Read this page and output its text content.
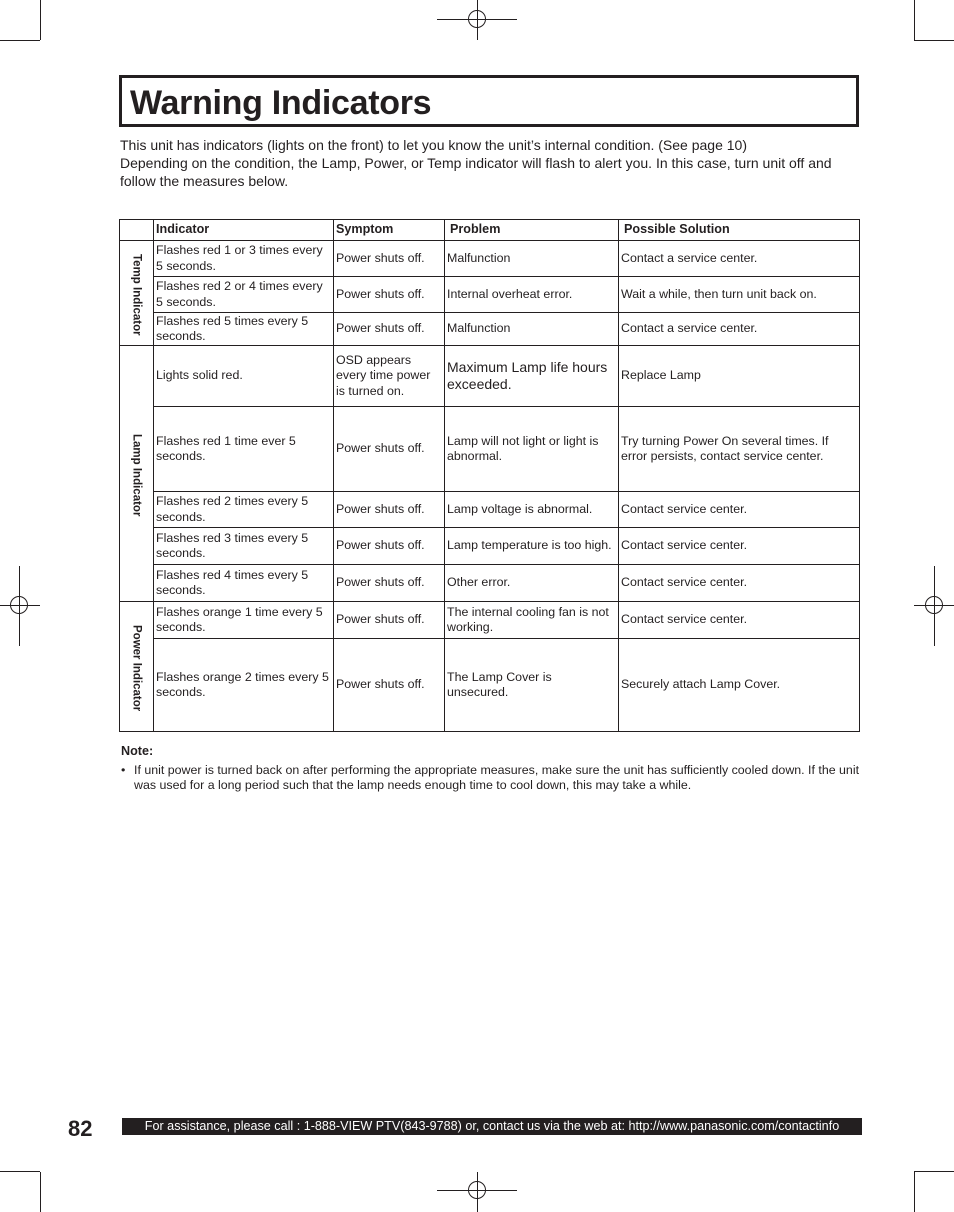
Warning Indicators

This unit has indicators (lights on the front) to let you know the unit’s internal condition. (See page 10)

Depending on the condition, the Lamp, Power, or Temp indicator will flash to alert you. In this case, turn unit off and follow the measures below.

	Indicator	Symptom	Problem	Possible Solution

Temp Indicator	Flashes red 1 or 3 times every 5 seconds.	Power shuts off.	Malfunction	Contact a service center.
	Flashes red 2 or 4 times every 5 seconds.	Power shuts off.	Internal overheat error.	Wait a while, then turn unit back on.
	Flashes red 5 times every 5 seconds.	Power shuts off.	Malfunction	Contact a service center.

Lamp Indicator	Lights solid red.	OSD appears every time power is turned on.	Maximum Lamp life hours exceeded.	Replace Lamp
	Flashes red 1 time ever 5 seconds.	Power shuts off.	Lamp will not light or light is abnormal.	Try turning Power On several times. If error persists, contact service center.
	Flashes red 2 times every 5 seconds.	Power shuts off.	Lamp voltage is abnormal.	Contact service center.
	Flashes red 3 times every 5 seconds.	Power shuts off.	Lamp temperature is too high.	Contact service center.
	Flashes red 4 times every 5 seconds.	Power shuts off.	Other error.	Contact service center.

Power Indicator	Flashes orange 1 time every 5 seconds.	Power shuts off.	The internal cooling fan is not working.	Contact service center.
	Flashes orange 2 times every 5 seconds.	Power shuts off.	The Lamp Cover is unsecured.	Securely attach Lamp Cover.
Note:
• If unit power is turned back on after performing the appropriate measures, make sure the unit has sufficiently cooled down. If the unit was used for a long period such that the lamp needs enough time to cool down, this may take a while.
82	For assistance, please call : 1-888-VIEW PTV(843-9788) or, contact us via the web at: http://www.panasonic.com/contactinfo
